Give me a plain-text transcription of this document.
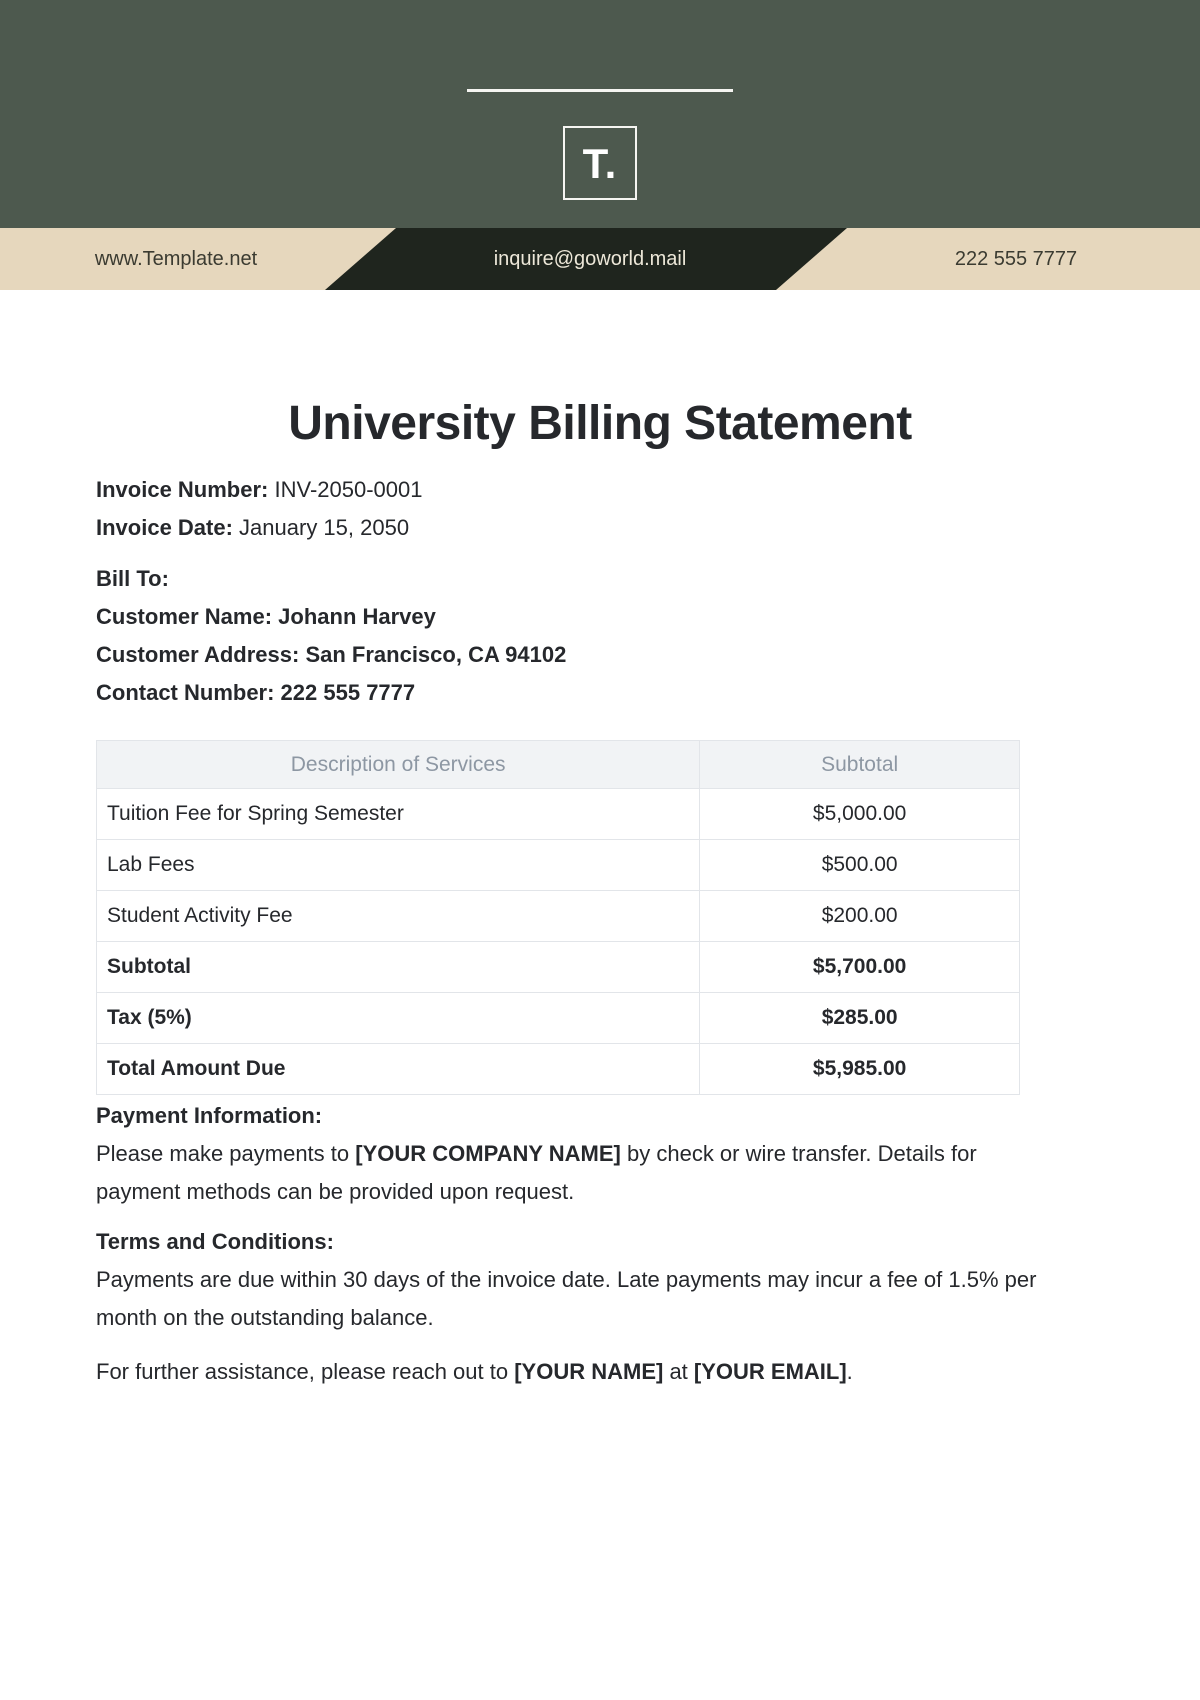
T.
www.Template.net	inquire@goworld.mail	222 555 7777
University Billing Statement

Invoice Number: INV-2050-0001

Invoice Date: January 15, 2050

Bill To:

Customer Name: Johann Harvey

Customer Address: San Francisco, CA 94102

Contact Number: 222 555 7777

Description of Services	Subtotal
Tuition Fee for Spring Semester	$5,000.00
Lab Fees	$500.00
Student Activity Fee	$200.00
Subtotal	$5,700.00
Tax (5%)	$285.00
Total Amount Due	$5,985.00

Payment Information:

Please make payments to [YOUR COMPANY NAME] by check or wire transfer. Details for
payment methods can be provided upon request.

Terms and Conditions:

Payments are due within 30 days of the invoice date. Late payments may incur a fee of 1.5% per
month on the outstanding balance.

For further assistance, please reach out to [YOUR NAME] at [YOUR EMAIL].
